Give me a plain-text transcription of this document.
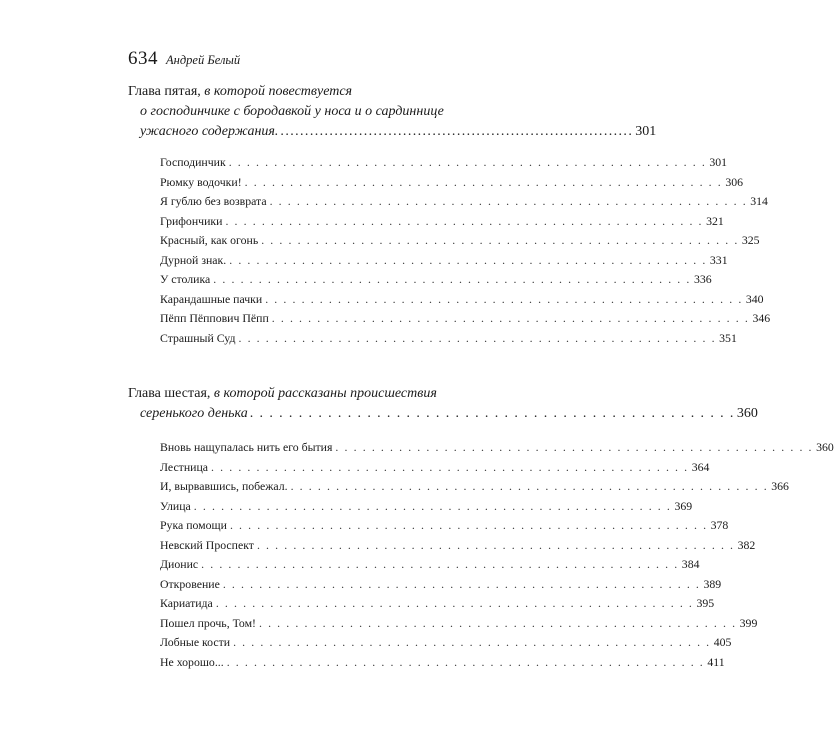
634 Андрей Белый
Глава пятая, в которой повествуется
о господинчике с бородавкой у носа и о сардиннице
ужасного содержания. ........................................................................ 301
Господинчик . . . . . . . . . . . . . . . . . . . . . . . . . . . . . . . . . . . . . . . . . . . . . . . . . . . . . 301
Рюмку водочки! . . . . . . . . . . . . . . . . . . . . . . . . . . . . . . . . . . . . . . . . . . . . . . . . . . . . . 306
Я гублю без возврата . . . . . . . . . . . . . . . . . . . . . . . . . . . . . . . . . . . . . . . . . . . . . . . . . . . . . 314
Грифончики . . . . . . . . . . . . . . . . . . . . . . . . . . . . . . . . . . . . . . . . . . . . . . . . . . . . . 321
Красный, как огонь . . . . . . . . . . . . . . . . . . . . . . . . . . . . . . . . . . . . . . . . . . . . . . . . . . . . . 325
Дурной знак. . . . . . . . . . . . . . . . . . . . . . . . . . . . . . . . . . . . . . . . . . . . . . . . . . . . . . 331
У столика . . . . . . . . . . . . . . . . . . . . . . . . . . . . . . . . . . . . . . . . . . . . . . . . . . . . . 336
Карандашные пачки . . . . . . . . . . . . . . . . . . . . . . . . . . . . . . . . . . . . . . . . . . . . . . . . . . . . . 340
Пёпп Пёппович Пёпп . . . . . . . . . . . . . . . . . . . . . . . . . . . . . . . . . . . . . . . . . . . . . . . . . . . . . 346
Страшный Суд . . . . . . . . . . . . . . . . . . . . . . . . . . . . . . . . . . . . . . . . . . . . . . . . . . . . . 351
Глава шестая, в которой рассказаны происшествия
серенького денька . . . . . . . . . . . . . . . . . . . . . . . . . . . . . . . . . . . . . . . . . . . . . . . . . . 360
Вновь нащупалась нить его бытия . . . . . . . . . . . . . . . . . . . . . . . . . . . . . . . . . . . . . . . . . . . . . . . . . . . . . 360
Лестница . . . . . . . . . . . . . . . . . . . . . . . . . . . . . . . . . . . . . . . . . . . . . . . . . . . . . 364
И, вырвавшись, побежал. . . . . . . . . . . . . . . . . . . . . . . . . . . . . . . . . . . . . . . . . . . . . . . . . . . . . . 366
Улица . . . . . . . . . . . . . . . . . . . . . . . . . . . . . . . . . . . . . . . . . . . . . . . . . . . . . 369
Рука помощи . . . . . . . . . . . . . . . . . . . . . . . . . . . . . . . . . . . . . . . . . . . . . . . . . . . . . 378
Невский Проспект . . . . . . . . . . . . . . . . . . . . . . . . . . . . . . . . . . . . . . . . . . . . . . . . . . . . . 382
Дионис . . . . . . . . . . . . . . . . . . . . . . . . . . . . . . . . . . . . . . . . . . . . . . . . . . . . . 384
Откровение . . . . . . . . . . . . . . . . . . . . . . . . . . . . . . . . . . . . . . . . . . . . . . . . . . . . . 389
Кариатида . . . . . . . . . . . . . . . . . . . . . . . . . . . . . . . . . . . . . . . . . . . . . . . . . . . . . 395
Пошел прочь, Том! . . . . . . . . . . . . . . . . . . . . . . . . . . . . . . . . . . . . . . . . . . . . . . . . . . . . . 399
Лобные кости . . . . . . . . . . . . . . . . . . . . . . . . . . . . . . . . . . . . . . . . . . . . . . . . . . . . . 405
Не хорошо... . . . . . . . . . . . . . . . . . . . . . . . . . . . . . . . . . . . . . . . . . . . . . . . . . . . . . 411
